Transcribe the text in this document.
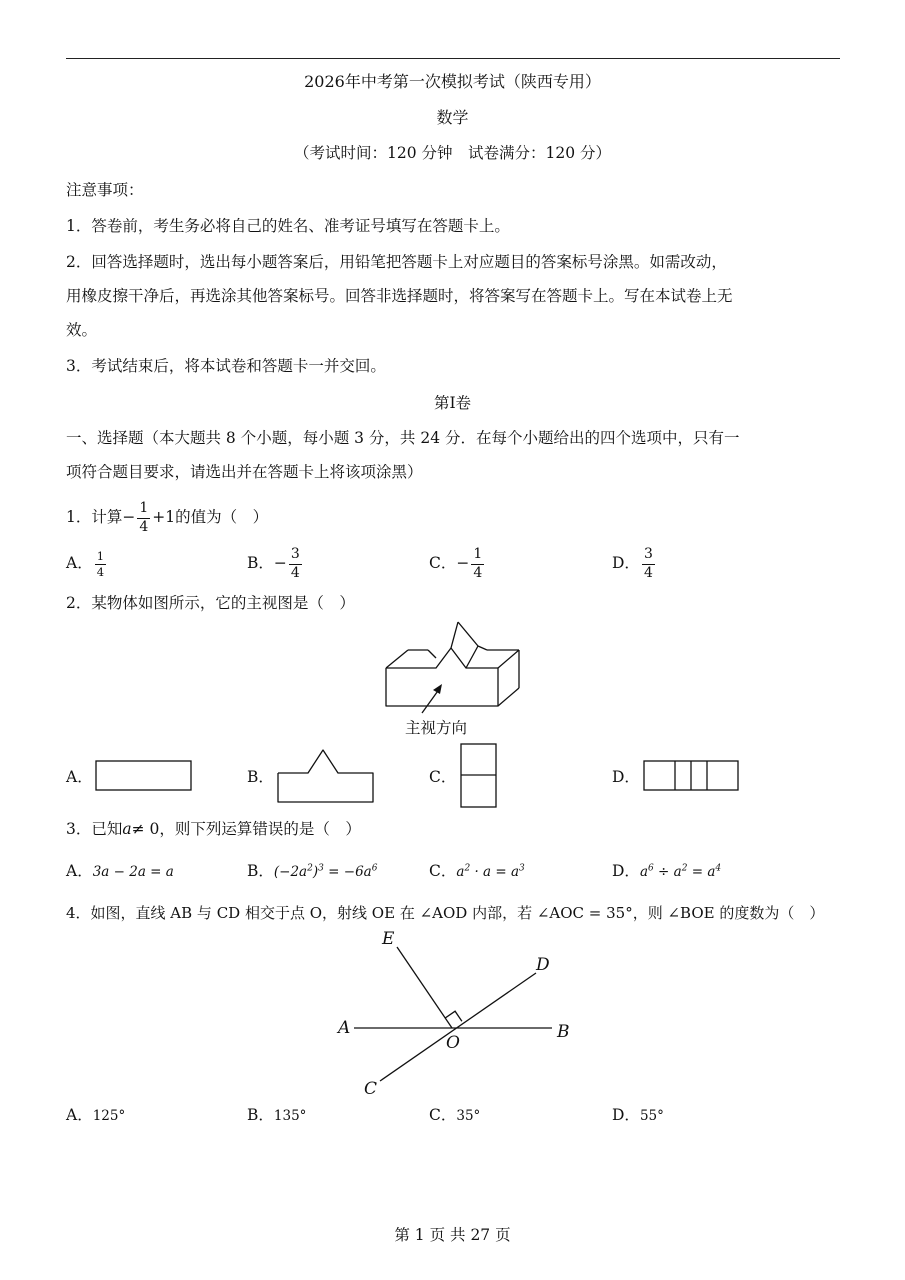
2026年中考第一次模拟考试（陕西专用）
数学
（考试时间：120 分钟　试卷满分：120 分）
注意事项：
1．答卷前，考生务必将自己的姓名、准考证号填写在答题卡上。
2．回答选择题时，选出每小题答案后，用铅笔把答题卡上对应题目的答案标号涂黑。如需改动，
用橡皮擦干净后，再选涂其他答案标号。回答非选择题时，将答案写在答题卡上。写在本试卷上无
效。
3．考试结束后，将本试卷和答题卡一并交回。
第Ⅰ卷
一、选择题（本大题共 8 个小题，每小题 3 分，共 24 分．在每个小题给出的四个选项中，只有一
项符合题目要求，请选出并在答题卡上将该项涂黑）
1．计算− $\frac{1}{4} +1$的值为（　）
A． $\frac{1}{4}$	B． − $\frac{3}{4}$	C． − $\frac{1}{4}$	D． $\frac{3}{4}$
2．某物体如图所示，它的主视图是（　）
主视方向
A．	B．	C．	D．
3．已知a≠ 0，则下列运算错误的是（　）
A．3a − 2a = a	B．$(-2a^2)^3 = -6a^6$	C．$a^2 \cdot a = a^3$	D．$a^6 \div a^2 = a^4$
4．如图，直线 AB 与 CD 相交于点 O，射线 OE 在 ∠AOD 内部，若 ∠AOC = 35°，则 ∠BOE 的度数为（　）
E
D
A
O
B
C
A．125°	B．135°	C．35°	D．55°
第 1 页 共 27 页
